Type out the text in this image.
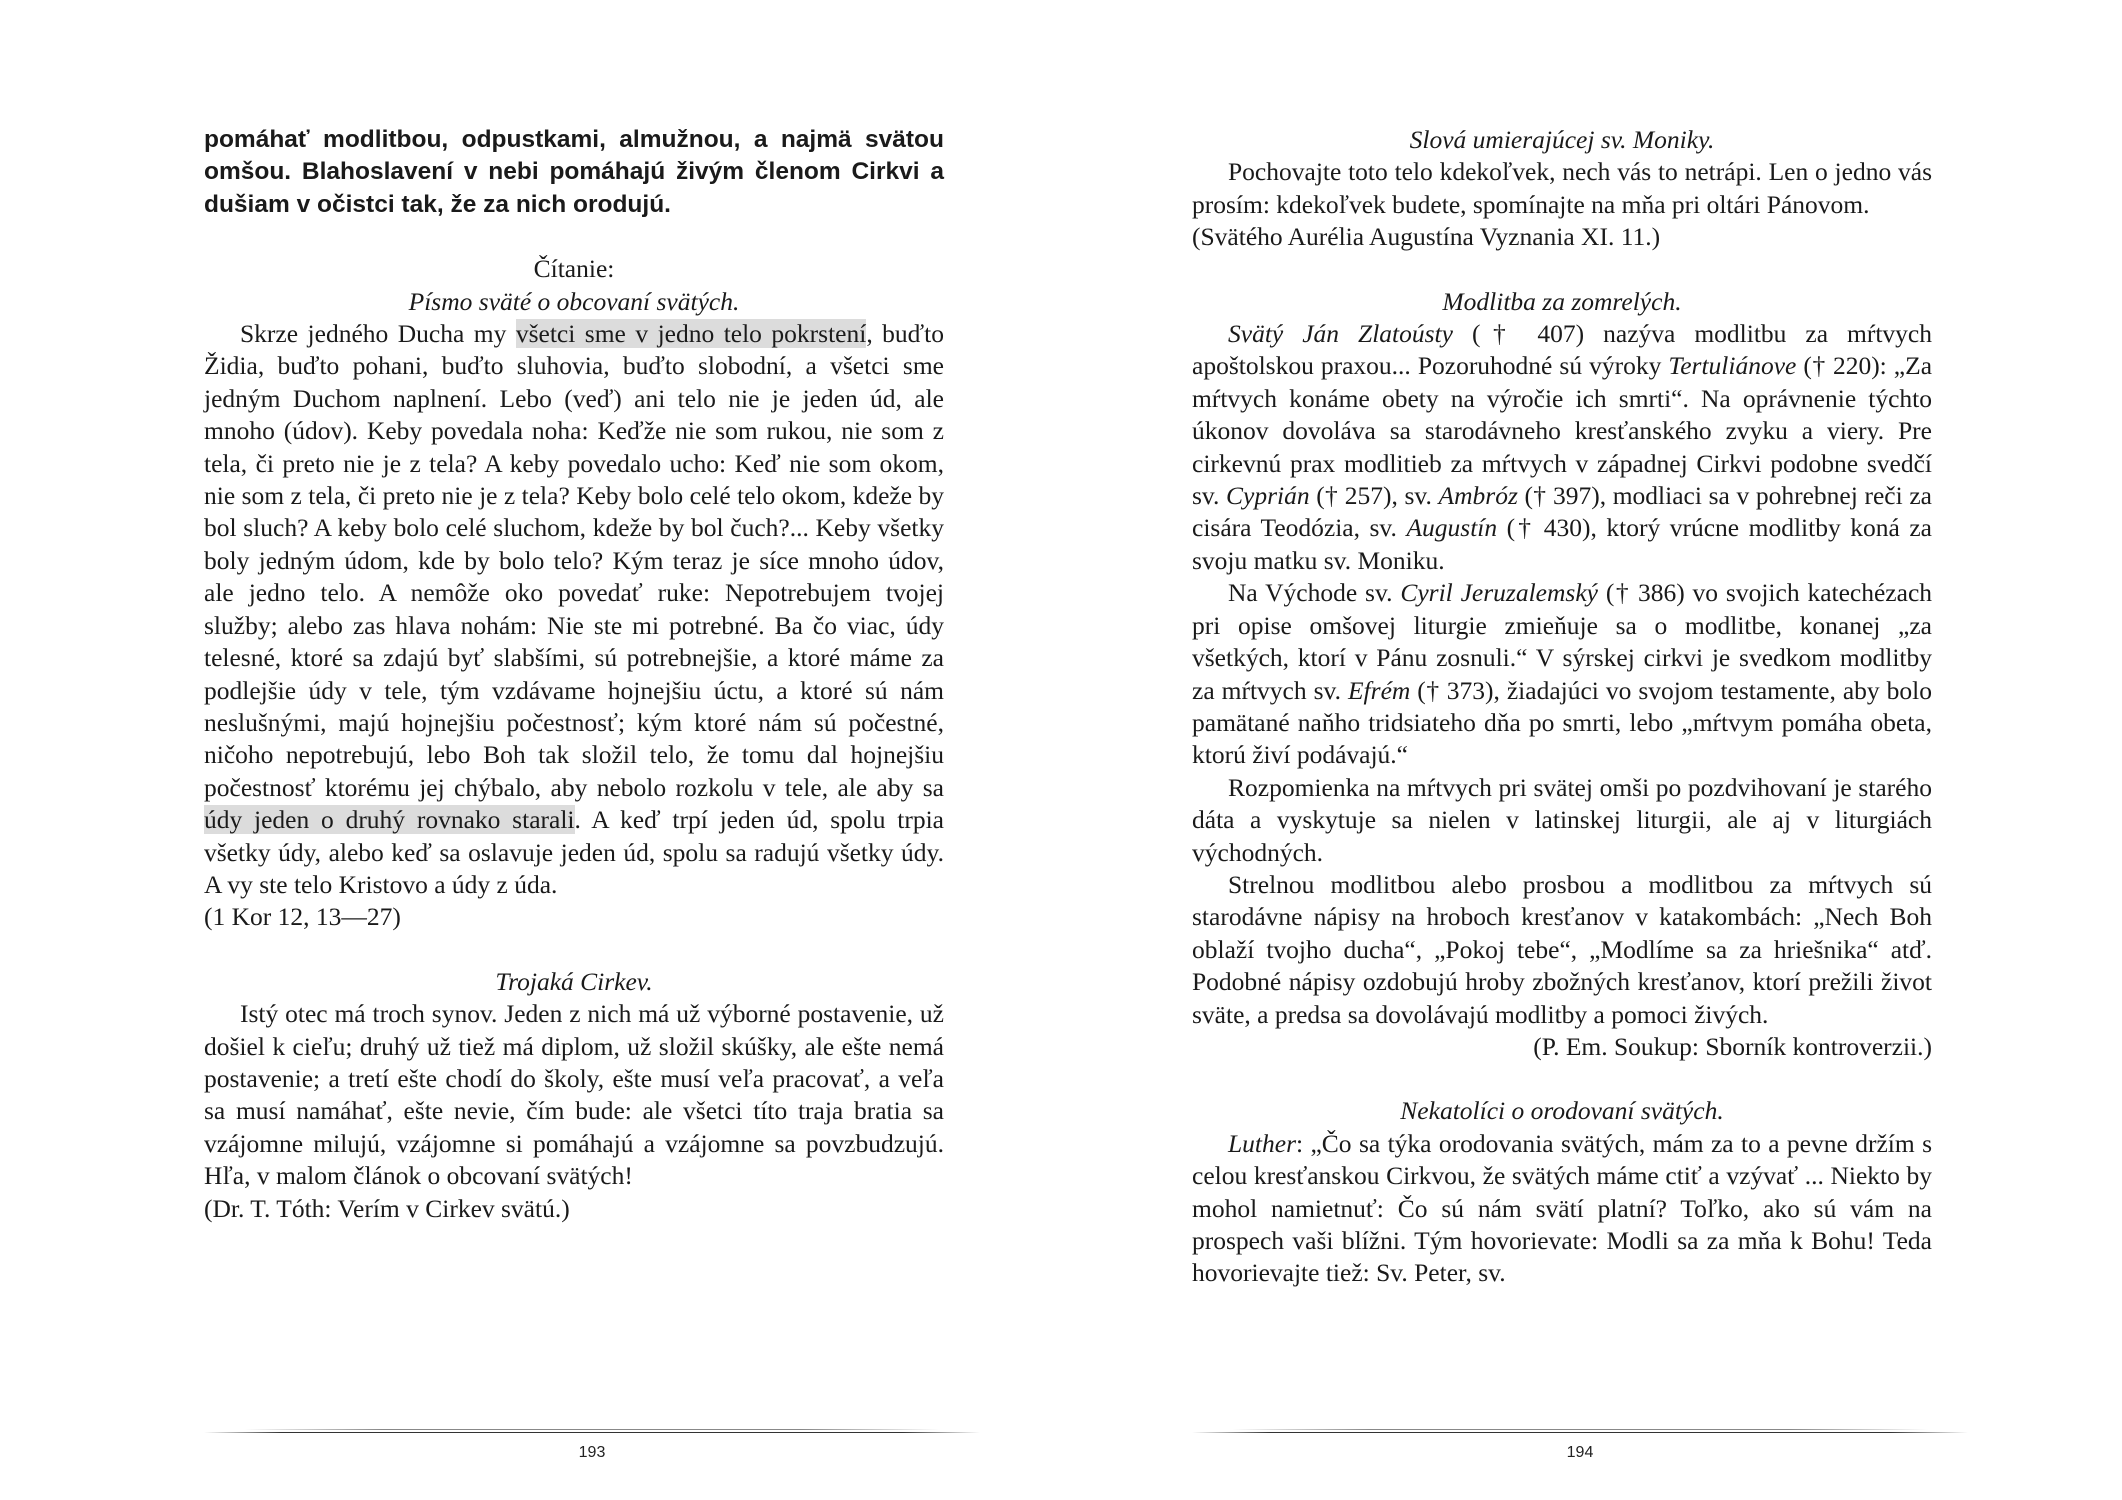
pomáhať modlitbou, odpustkami, almužnou, a najmä svätou omšou. Blahoslavení v nebi pomáhajú živým členom Cirkvi a dušiam v očistci tak, že za nich orodujú.

Čítanie:

Písmo sväté o obcovaní svätých.

Skrze jedného Ducha my všetci sme v jedno telo pokrstení, buďto Židia, buďto pohani, buďto sluhovia, buďto slobodní, a všetci sme jedným Duchom naplnení. Lebo (veď) ani telo nie je jeden úd, ale mnoho (údov). Keby povedala noha: Keďže nie som rukou, nie som z tela, či preto nie je z tela? A keby povedalo ucho: Keď nie som okom, nie som z tela, či preto nie je z tela? Keby bolo celé telo okom, kdeže by bol sluch? A keby bolo celé sluchom, kdeže by bol čuch?... Keby všetky boly jedným údom, kde by bolo telo? Kým teraz je síce mnoho údov, ale jedno telo. A nemôže oko povedať ruke: Nepotrebujem tvojej služby; alebo zas hlava nohám: Nie ste mi potrebné. Ba čo viac, údy telesné, ktoré sa zdajú byť slabšími, sú potrebnejšie, a ktoré máme za podlejšie údy v tele, tým vzdávame hojnejšiu úctu, a ktoré sú nám neslušnými, majú hojnejšiu počestnosť; kým ktoré nám sú počestné, ničoho nepotrebujú, lebo Boh tak složil telo, že tomu dal hojnejšiu počestnosť ktorému jej chýbalo, aby nebolo rozkolu v tele, ale aby sa údy jeden o druhý rovnako starali. A keď trpí jeden úd, spolu trpia všetky údy, alebo keď sa oslavuje jeden úd, spolu sa radujú všetky údy. A vy ste telo Kristovo a údy z úda.

(1 Kor 12, 13—27)

Trojaká Cirkev.

Istý otec má troch synov. Jeden z nich má už výborné postavenie, už došiel k cieľu; druhý už tiež má diplom, už složil skúšky, ale ešte nemá postavenie; a tretí ešte chodí do školy, ešte musí veľa pracovať, a veľa sa musí namáhať, ešte nevie, čím bude: ale všetci títo traja bratia sa vzájomne milujú, vzájomne si pomáhajú a vzájomne sa povzbudzujú. Hľa, v malom článok o obcovaní svätých!

(Dr. T. Tóth: Verím v Cirkev svätú.)

193

Slová umierajúcej sv. Moniky.

Pochovajte toto telo kdekoľvek, nech vás to netrápi. Len o jedno vás prosím: kdekoľvek budete, spomínajte na mňa pri oltári Pánovom.

(Svätého Aurélia Augustína Vyznania XI. 11.)

Modlitba za zomrelých.

Svätý Ján Zlatoústy († 407) nazýva modlitbu za mŕtvych apoštolskou praxou... Pozoruhodné sú výroky Tertuliánove († 220): „Za mŕtvych konáme obety na výročie ich smrti“. Na oprávnenie týchto úkonov dovoláva sa starodávneho kresťanského zvyku a viery. Pre cirkevnú prax modlitieb za mŕtvych v západnej Cirkvi podobne svedčí sv. Cyprián († 257), sv. Ambróz († 397), modliaci sa v pohrebnej reči za cisára Teodózia, sv. Augustín († 430), ktorý vrúcne modlitby koná za svoju matku sv. Moniku.

Na Východe sv. Cyril Jeruzalemský († 386) vo svojich katechézach pri opise omšovej liturgie zmieňuje sa o modlitbe, konanej „za všetkých, ktorí v Pánu zosnuli.“ V sýrskej cirkvi je svedkom modlitby za mŕtvych sv. Efrém († 373), žiadajúci vo svojom testamente, aby bolo pamätané naňho tridsiateho dňa po smrti, lebo „mŕtvym pomáha obeta, ktorú živí podávajú.“

Rozpomienka na mŕtvych pri svätej omši po pozdvihovaní je starého dáta a vyskytuje sa nielen v latinskej liturgii, ale aj v liturgiách východných.

Strelnou modlitbou alebo prosbou a modlitbou za mŕtvych sú starodávne nápisy na hroboch kresťanov v katakombách: „Nech Boh oblaží tvojho ducha“, „Pokoj tebe“, „Modlíme sa za hriešnika“ atď. Podobné nápisy ozdobujú hroby zbožných kresťanov, ktorí prežili život sväte, a predsa sa dovolávajú modlitby a pomoci živých.

(P. Em. Soukup: Sborník kontroverzii.)

Nekatolíci o orodovaní svätých.

Luther: „Čo sa týka orodovania svätých, mám za to a pevne držím s celou kresťanskou Cirkvou, že svätých máme ctiť a vzývať ... Niekto by mohol namietnuť: Čo sú nám svätí platní? Toľko, ako sú vám na prospech vaši blížni. Tým hovorievate: Modli sa za mňa k Bohu! Teda hovorievajte tiež: Sv. Peter, sv.

194
